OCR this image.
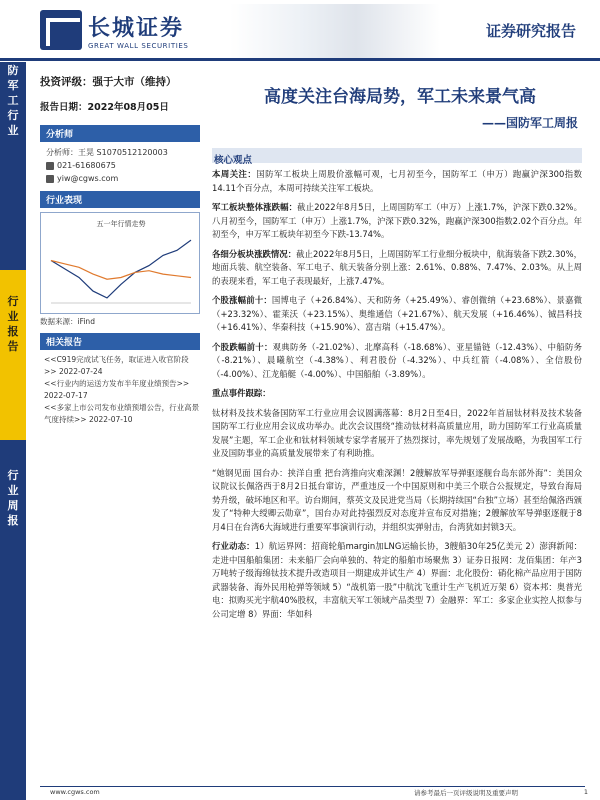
防
军
工
行
业
行
业
报
告
行
业
周
报
长城证券
GREAT WALL SECURITIES
证券研究报告
投资评级：强于大市（维持）
报告日期：2022年08月05日
分析师
分析师：王晃 S1070512120003
021-61680675
yiw@cgws.com
行业表现
五一年行情走势
数据来源：iFind
相关报告
<<C919完成试飞任务，取证进入收官阶段>> 2022-07-24
<<行业内的运送方发布半年度业绩预告>> 2022-07-17
<<多家上市公司发布业绩预增公告，行业高景气度持续>> 2022-07-10
高度关注台海局势，军工未来景气高
——国防军工周报
核心观点

本周关注：国防军工板块上周股价涨幅可观，七月初至今，国防军工（申万）跑赢沪深300指数14.11个百分点，本周可持续关注军工板块。

军工板块整体涨跌幅：截止2022年8月5日，上周国防军工（申万）上涨1.7%，沪深下跌0.32%。八月初至今，国防军工（申万）上涨1.7%，沪深下跌0.32%，跑赢沪深300指数2.02个百分点。年初至今，申万军工板块年初至今下跌-13.74%。

各细分板块涨跌情况：截止2022年8月5日，上周国防军工行业细分板块中，航海装备下跌2.30%，地面兵装、航空装备、军工电子、航天装备分别上涨：2.61%、0.88%、7.47%、2.03%。从上周的表现来看，军工电子表现最好，上涨7.47%。

个股涨幅前十：国博电子（+26.84%）、天和防务（+25.49%）、睿创微纳（+23.68%）、景嘉微（+23.32%）、霍莱沃（+23.15%）、奥维通信（+21.67%）、航天发展（+16.46%）、铖昌科技（+16.41%）、华秦科技（+15.90%）、富吉瑞（+15.47%）。

个股跌幅前十：观典防务（-21.02%）、北摩高科（-18.68%）、亚星锚链（-12.43%）、中船防务（-8.21%）、晨曦航空（-4.38%）、利君股份（-4.32%）、中兵红箭（-4.08%）、全信股份（-4.00%）、江龙船艇（-4.00%）、中国船舶（-3.89%）。

重点事件跟踪：

钛材料及技术装备国防军工行业应用会议圆满落幕：8月2日至4日，2022年首届钛材料及技术装备国防军工行业应用会议成功举办。此次会议围绕“推动钛材料高质量应用，助力国防军工行业高质量发展”主题，军工企业和钛材料领域专家学者展开了热烈探讨，率先规划了发展战略，为我国军工行业及国防事业的高质量发展带来了有利助推。

“她钢见面 国台办：挟洋自重 把台湾推向灾难深渊！2艘解放军导弹驱逐舰台岛东部外海”：美国众议院议长佩洛西于8月2日抵台窜访，严重违反一个中国原则和中美三个联合公报规定，导致台海局势升级，破坏地区和平。访台期间，蔡英文及民进党当局（长期持续国“台独”立场）甚至给佩洛西颁发了“特种大绶卿云勋章”，国台办对此持强烈反对态度并宣布反对措施；2艘解放军导弹驱逐舰于8月4日在台湾6大海域进行重要军事演训行动，并组织实弹射击，台湾犹如封锁3天。

行业动态：1）航运界网：招商轮船margin加LNG运输长协，3艘船30年25亿美元 2）澎湃新闻：走进中国船舶集团：未来船厂会向单独的、特定的船舶市场聚焦 3）证券日报网：龙佰集团：年产3万吨转子级海绵钛技术提升改造项目一期建成并试生产 4）界面：北化股份：硝化棉产品应用于国防武器装备、海外民用枪弹等领域 5）“战机第一股”中航沈飞重计生产飞机近万架 6）资本邦：奥普光电：拟购买光宇航40%股权，丰富航天军工领域产品类型 7）金融界：军工：多家企业实控人拟参与公司定增 8）界面：华如科

www.cgws.com	请参考最后一页评级说明及重要声明	1
